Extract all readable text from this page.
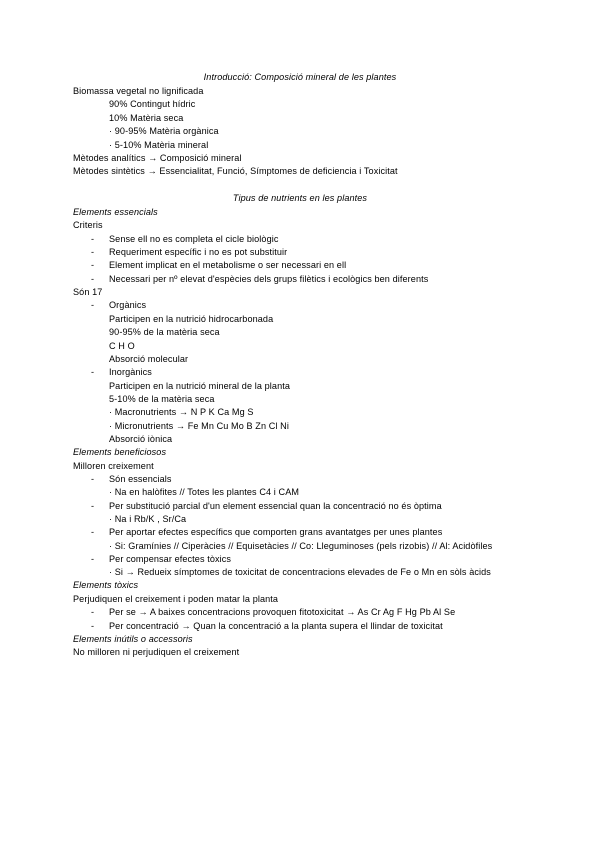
Introducció: Composició mineral de les plantes
Biomassa vegetal no lignificada
90% Contingut hídric
10% Matèria seca
· 90-95% Matèria orgànica
· 5-10% Matèria mineral
Mètodes analítics → Composició mineral
Mètodes sintètics → Essencialitat, Funció, Símptomes de deficiencia i Toxicitat
Tipus de nutrients en les plantes
Elements essencials
Criteris
- Sense ell no es completa el cicle biològic
- Requeriment específic i no es pot substituir
- Element implicat en el metabolisme o ser necessari en ell
- Necessari per nº elevat d'espècies dels grups filètics i ecològics ben diferents
Són 17
- Orgànics
Participen en la nutrició hidrocarbonada
90-95% de la matèria seca
C H O
Absorció molecular
- Inorgànics
Participen en la nutrició mineral de la planta
5-10% de la matèria seca
· Macronutrients → N P K Ca Mg S
· Micronutrients → Fe Mn Cu Mo B Zn Cl Ni
Absorció iònica
Elements beneficiosos
Milloren creixement
- Són essencials
· Na en halòfites // Totes les plantes C4 i CAM
- Per substitució parcial d'un element essencial quan la concentració no és òptima
· Na i Rb/K , Sr/Ca
- Per aportar efectes específics que comporten grans avantatges per unes plantes
· Si: Gramínies // Ciperàcies // Equisetàcies // Co: Lleguminoses (pels rizobis) // Al: Acidòfiles
- Per compensar efectes tòxics
· Si → Redueix símptomes de toxicitat de concentracions elevades de Fe o Mn en sòls àcids
Elements tòxics
Perjudiquen el creixement i poden matar la planta
- Per se → A baixes concentracions provoquen fitotoxicitat → As Cr Ag F Hg Pb Al Se
- Per concentració → Quan la concentració a la planta supera el llindar de toxicitat
Elements inútils o accessoris
No milloren ni perjudiquen el creixement
